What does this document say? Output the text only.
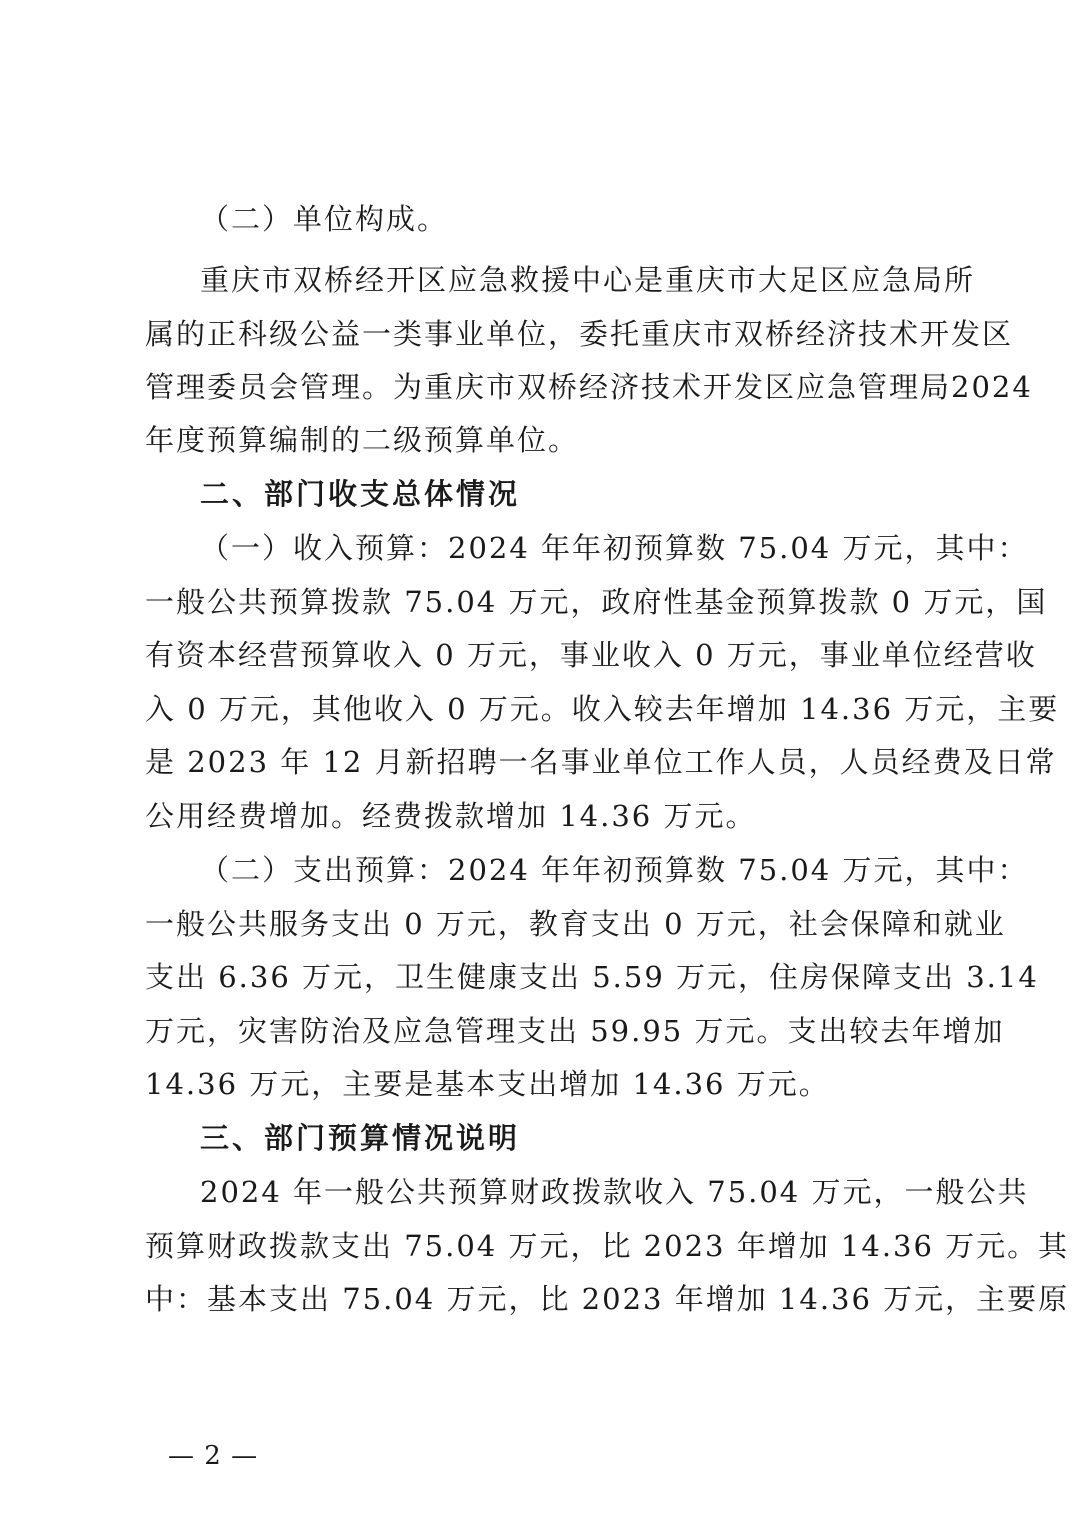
（二）单位构成。
重庆市双桥经开区应急救援中心是重庆市大足区应急局所
属的正科级公益一类事业单位，委托重庆市双桥经济技术开发区
管理委员会管理。为重庆市双桥经济技术开发区应急管理局2024
年度预算编制的二级预算单位。
二、部门收支总体情况
（一）收入预算：2024 年年初预算数 75.04 万元，其中：
一般公共预算拨款 75.04 万元，政府性基金预算拨款 0 万元，国
有资本经营预算收入 0 万元，事业收入 0 万元，事业单位经营收
入 0 万元，其他收入 0 万元。收入较去年增加 14.36 万元，主要
是 2023 年 12 月新招聘一名事业单位工作人员，人员经费及日常
公用经费增加。经费拨款增加 14.36 万元。
（二）支出预算：2024 年年初预算数 75.04 万元，其中：
一般公共服务支出 0 万元，教育支出 0 万元，社会保障和就业
支出 6.36 万元，卫生健康支出 5.59 万元，住房保障支出 3.14
万元，灾害防治及应急管理支出 59.95 万元。支出较去年增加
14.36 万元，主要是基本支出增加 14.36 万元。
三、部门预算情况说明
2024 年一般公共预算财政拨款收入 75.04 万元，一般公共
预算财政拨款支出 75.04 万元，比 2023 年增加 14.36 万元。其
中：基本支出 75.04 万元，比 2023 年增加 14.36 万元，主要原
— 2 —
